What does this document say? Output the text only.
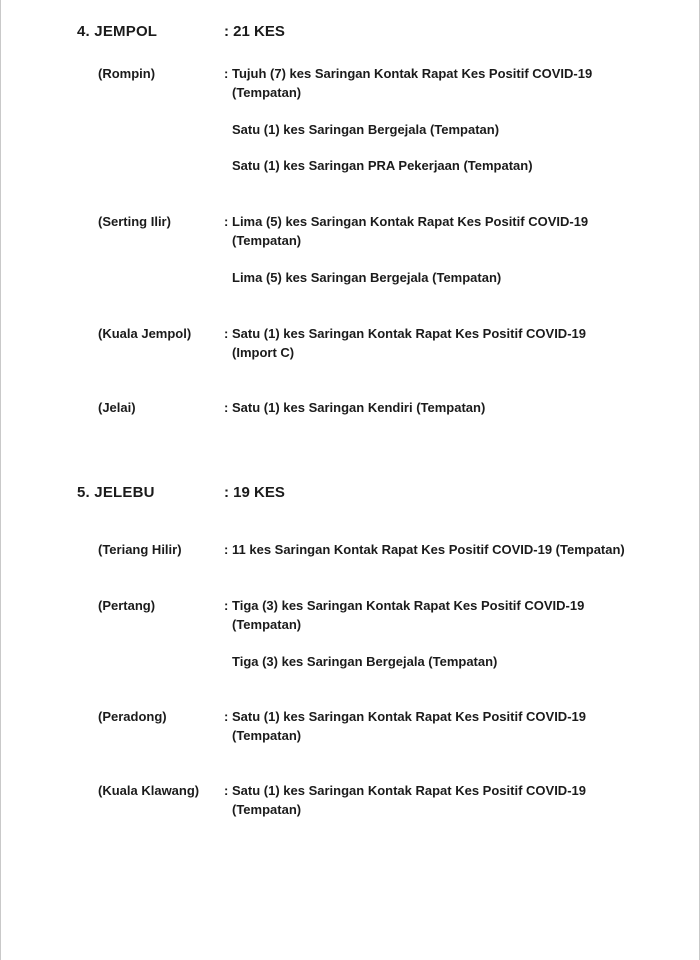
4. JEMPOL	: 21 KES
(Rompin)	: Tujuh (7) kes Saringan Kontak Rapat Kes Positif COVID-19
(Tempatan)
Satu (1) kes Saringan Bergejala (Tempatan)
Satu (1) kes Saringan PRA Pekerjaan (Tempatan)
(Serting Ilir)	: Lima (5) kes Saringan Kontak Rapat Kes Positif COVID-19
(Tempatan)
Lima (5) kes Saringan Bergejala (Tempatan)
(Kuala Jempol)	: Satu (1) kes Saringan Kontak Rapat Kes Positif COVID-19
(Import C)
(Jelai)	: Satu (1) kes Saringan Kendiri (Tempatan)
5. JELEBU	: 19 KES
(Teriang Hilir)	: 11 kes Saringan Kontak Rapat Kes Positif COVID-19 (Tempatan)
(Pertang)	: Tiga (3) kes Saringan Kontak Rapat Kes Positif COVID-19
(Tempatan)
Tiga (3) kes Saringan Bergejala (Tempatan)
(Peradong)	: Satu (1) kes Saringan Kontak Rapat Kes Positif COVID-19
(Tempatan)
(Kuala Klawang) : Satu (1) kes Saringan Kontak Rapat Kes Positif COVID-19
(Tempatan)
